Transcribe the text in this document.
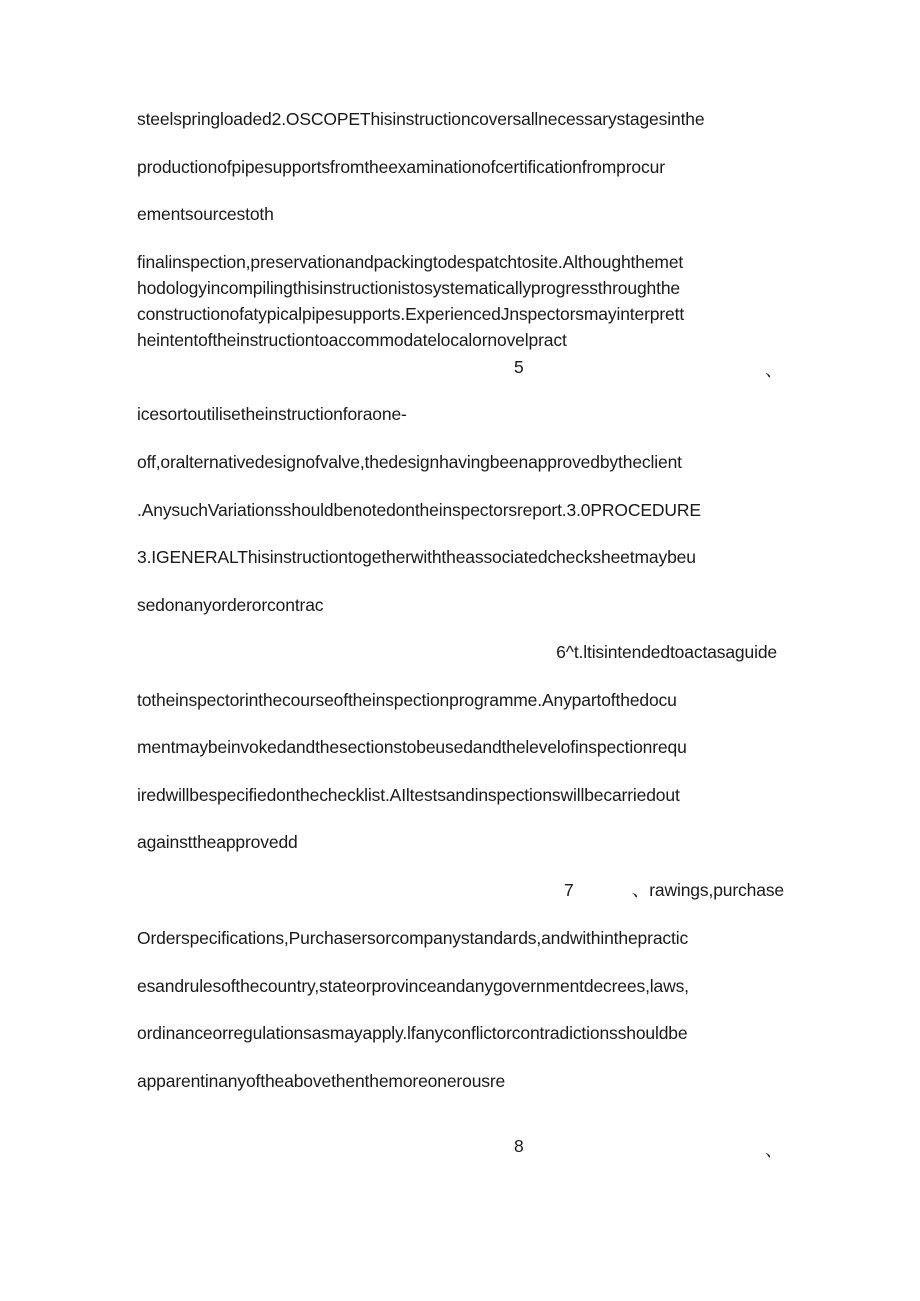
steelspringloaded2.OSCOPEThisinstructioncoversallnecessarystagesinthe
productionofpipesupportsfromtheexaminationofcertificationfromprocur
ementsourcestoth
finalinspection,preservationandpackingtodespatchtosite.Althoughthemet
hodologyincompilingthisinstructionistosystematicallyprogressthroughthe
constructionofatypicalpipesupports.ExperiencedJnspectorsmayinterprett
heintentoftheinstructiontoaccommodatelocalornovelpract
5	、
icesortoutilisetheinstructionforaone-
off,oralternativedesignofvalve,thedesignhavingbeenapprovedbytheclient
.AnysuchVariationsshouldbenotedontheinspectorsreport.3.0PROCEDURE
3.IGENERALThisinstructiontogetherwiththeassociatedchecksheetmaybeu
sedonanyorderorcontrac
6^t.ltisintendedtoactasaguide
totheinspectorinthecourseoftheinspectionprogramme.Anypartofthedocu
mentmaybeinvokedandthesectionstobeusedandthelevelofinspectionrequ
iredwillbespecifiedonthechecklist.AIltestsandinspectionswillbecarriedout
againsttheapprovedd
7	、rawings,purchase
Orderspecifications,Purchasersorcompanystandards,andwithinthepractic
esandrulesofthecountry,stateorprovinceandanygovernmentdecrees,laws,
ordinanceorregulationsasmayapply.lfanyconflictorcontradictionsshouldbe
apparentinanyoftheabovethenthemoreonerousre
8	、
